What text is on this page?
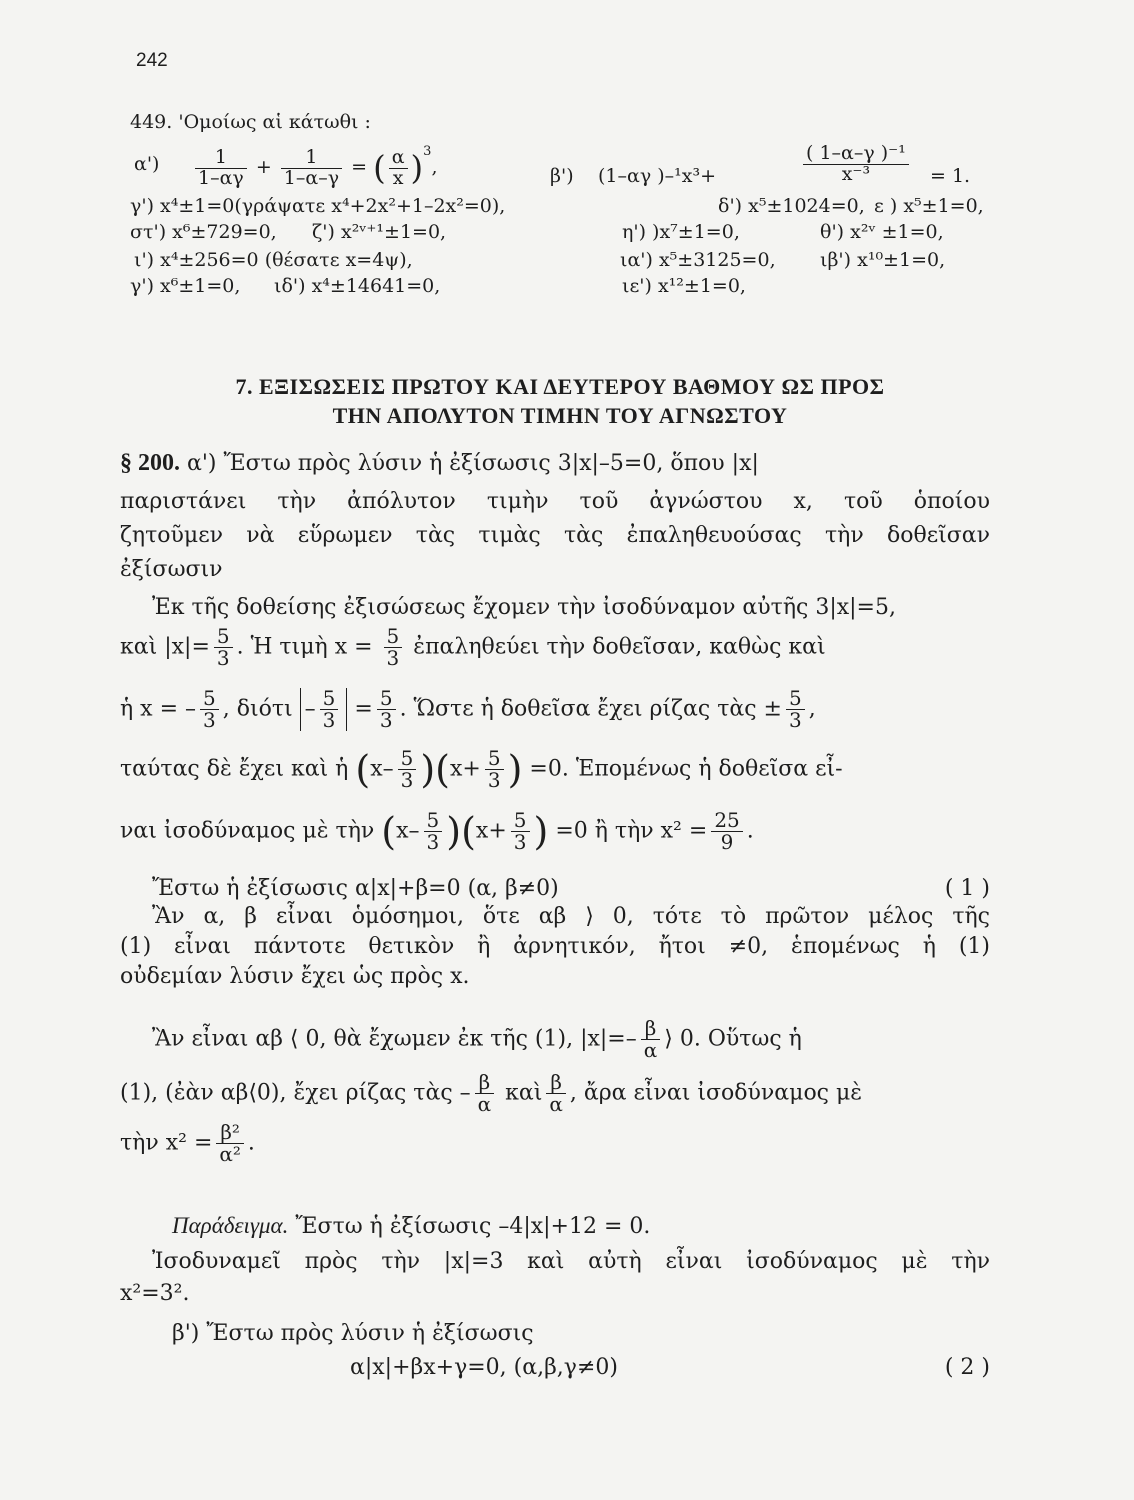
242
449. 'Ομοίως αἱ κάτωθι :
$\alpha') \frac{1}{1-\alpha\gamma} + \frac{1}{1-\alpha-\gamma}$ = ( $\frac{\alpha}{x} )^3$,	β') (1–αγ )–¹x³+	$\frac{\text{( 1–α–γ )⁻¹}}{\text{x⁻³}} = 1$.
γ') x⁴±1=0(γράψατε x⁴+2x²+1–2x²=0),	δ') x⁵±1024=0, ε ) x⁵±1=0,
στ') x⁶±729=0, ζ') x²ᵛ⁺¹±1=0,	η') )x⁷±1=0,	θ') x²ᵛ ±1=0,
ι') x⁴±256=0 (θέσατε x=4ψ),	ια') x⁵±3125=0, ιβ') x¹⁰±1=0,
γ') x⁶±1=0, ιδ') x⁴±14641=0,	ιε') x¹²±1=0,
7. ΕΞΙΣΩΣΕΙΣ ΠΡΩΤΟΥ ΚΑΙ ΔΕΥΤΕΡΟΥ ΒΑΘΜΟΥ ΩΣ ΠΡΟΣ
ΤΗΝ ΑΠΟΛΥΤΟΝ ΤΙΜΗΝ ΤΟΥ ΑΓΝΩΣΤΟΥ
§ 200. α') Ἔστω πρὸς λύσιν ἡ ἐξίσωσις 3|x|–5=0, ὅπου |x|
παριστάνει τὴν ἀπόλυτον τιμὴν τοῦ ἀγνώστου x, τοῦ ὁποίου
ζητοῦμεν νὰ εὕρωμεν τὰς τιμὰς τὰς ἐπαληθευούσας τὴν δοθεῖσαν
ἐξίσωσιν
Ἐκ τῆς δοθείσης ἐξισώσεως ἔχομεν τὴν ἰσοδύναμον αὐτῆς 3|x|=5,
καὶ $|x|= \frac{5}{3}$ . Ἡ τιμὴ $x = \frac{5}{3}$ ἐπαληθεύει τὴν δοθεῖσαν, καθὼς καὶ
ἡ x = – $\frac{5}{3}$ , $\delta\iota ό\tau\iota - \frac{5}{3} = \frac{5}{3}$ . Ὥστε ἡ δοθεῖσα ἔχει ρίζας τὰς ± $\frac{5}{3}$ ,
ταύτας δὲ ἔχει καὶ ἡ $(x- \frac{5}{3} )(x+ \frac{5}{3}$ ) =0. Ἑπομένως ἡ δοθεῖσα εἶ-
ναι ἰσοδύναμος μὲ τὴν $(x- \frac{5}{3} )(x+ \frac{5}{3}$ ) =0 ἢ τὴν $x^2 = \frac{25}{9}$ .
Ἔστω ἡ ἐξίσωσις α|x|+β=0 (α, β≠0)	( 1 )
Ἂν α, β εἶναι ὁμόσημοι, ὅτε αβ ⟩ 0, τότε τὸ πρῶτον μέλος τῆς
(1) εἶναι πάντοτε θετικὸν ἢ ἀρνητικόν, ἤτοι ≠0, ἑπομένως ἡ (1)
οὐδεμίαν λύσιν ἔχει ὡς πρὸς x.
Ἂν εἶναι αβ ⟨ 0, θὰ ἔχωμεν ἐκ τῆς (1), $|x|=- \frac{\beta}{\alpha}$ ⟩ 0. Οὕτως ἡ
(1), (ἐὰν αβ⟨0), ἔχει ρίζας τὰς – $\frac{\beta}{\alpha}$ καὶ $\frac{\beta}{\alpha}$ , ἄρα εἶναι ἰσοδύναμος μὲ
τὴν $x^2 = \frac{\text{β²}}{\text{α²}}$ .
Παράδειγμα. Ἔστω ἡ ἐξίσωσις –4|x|+12 = 0.
Ἰσοδυναμεῖ πρὸς τὴν |x|=3 καὶ αὐτὴ εἶναι ἰσοδύναμος μὲ τὴν
x²=3².
β') Ἔστω πρὸς λύσιν ἡ ἐξίσωσις
α|x|+βx+γ=0, (α,β,γ≠0)	( 2 )
